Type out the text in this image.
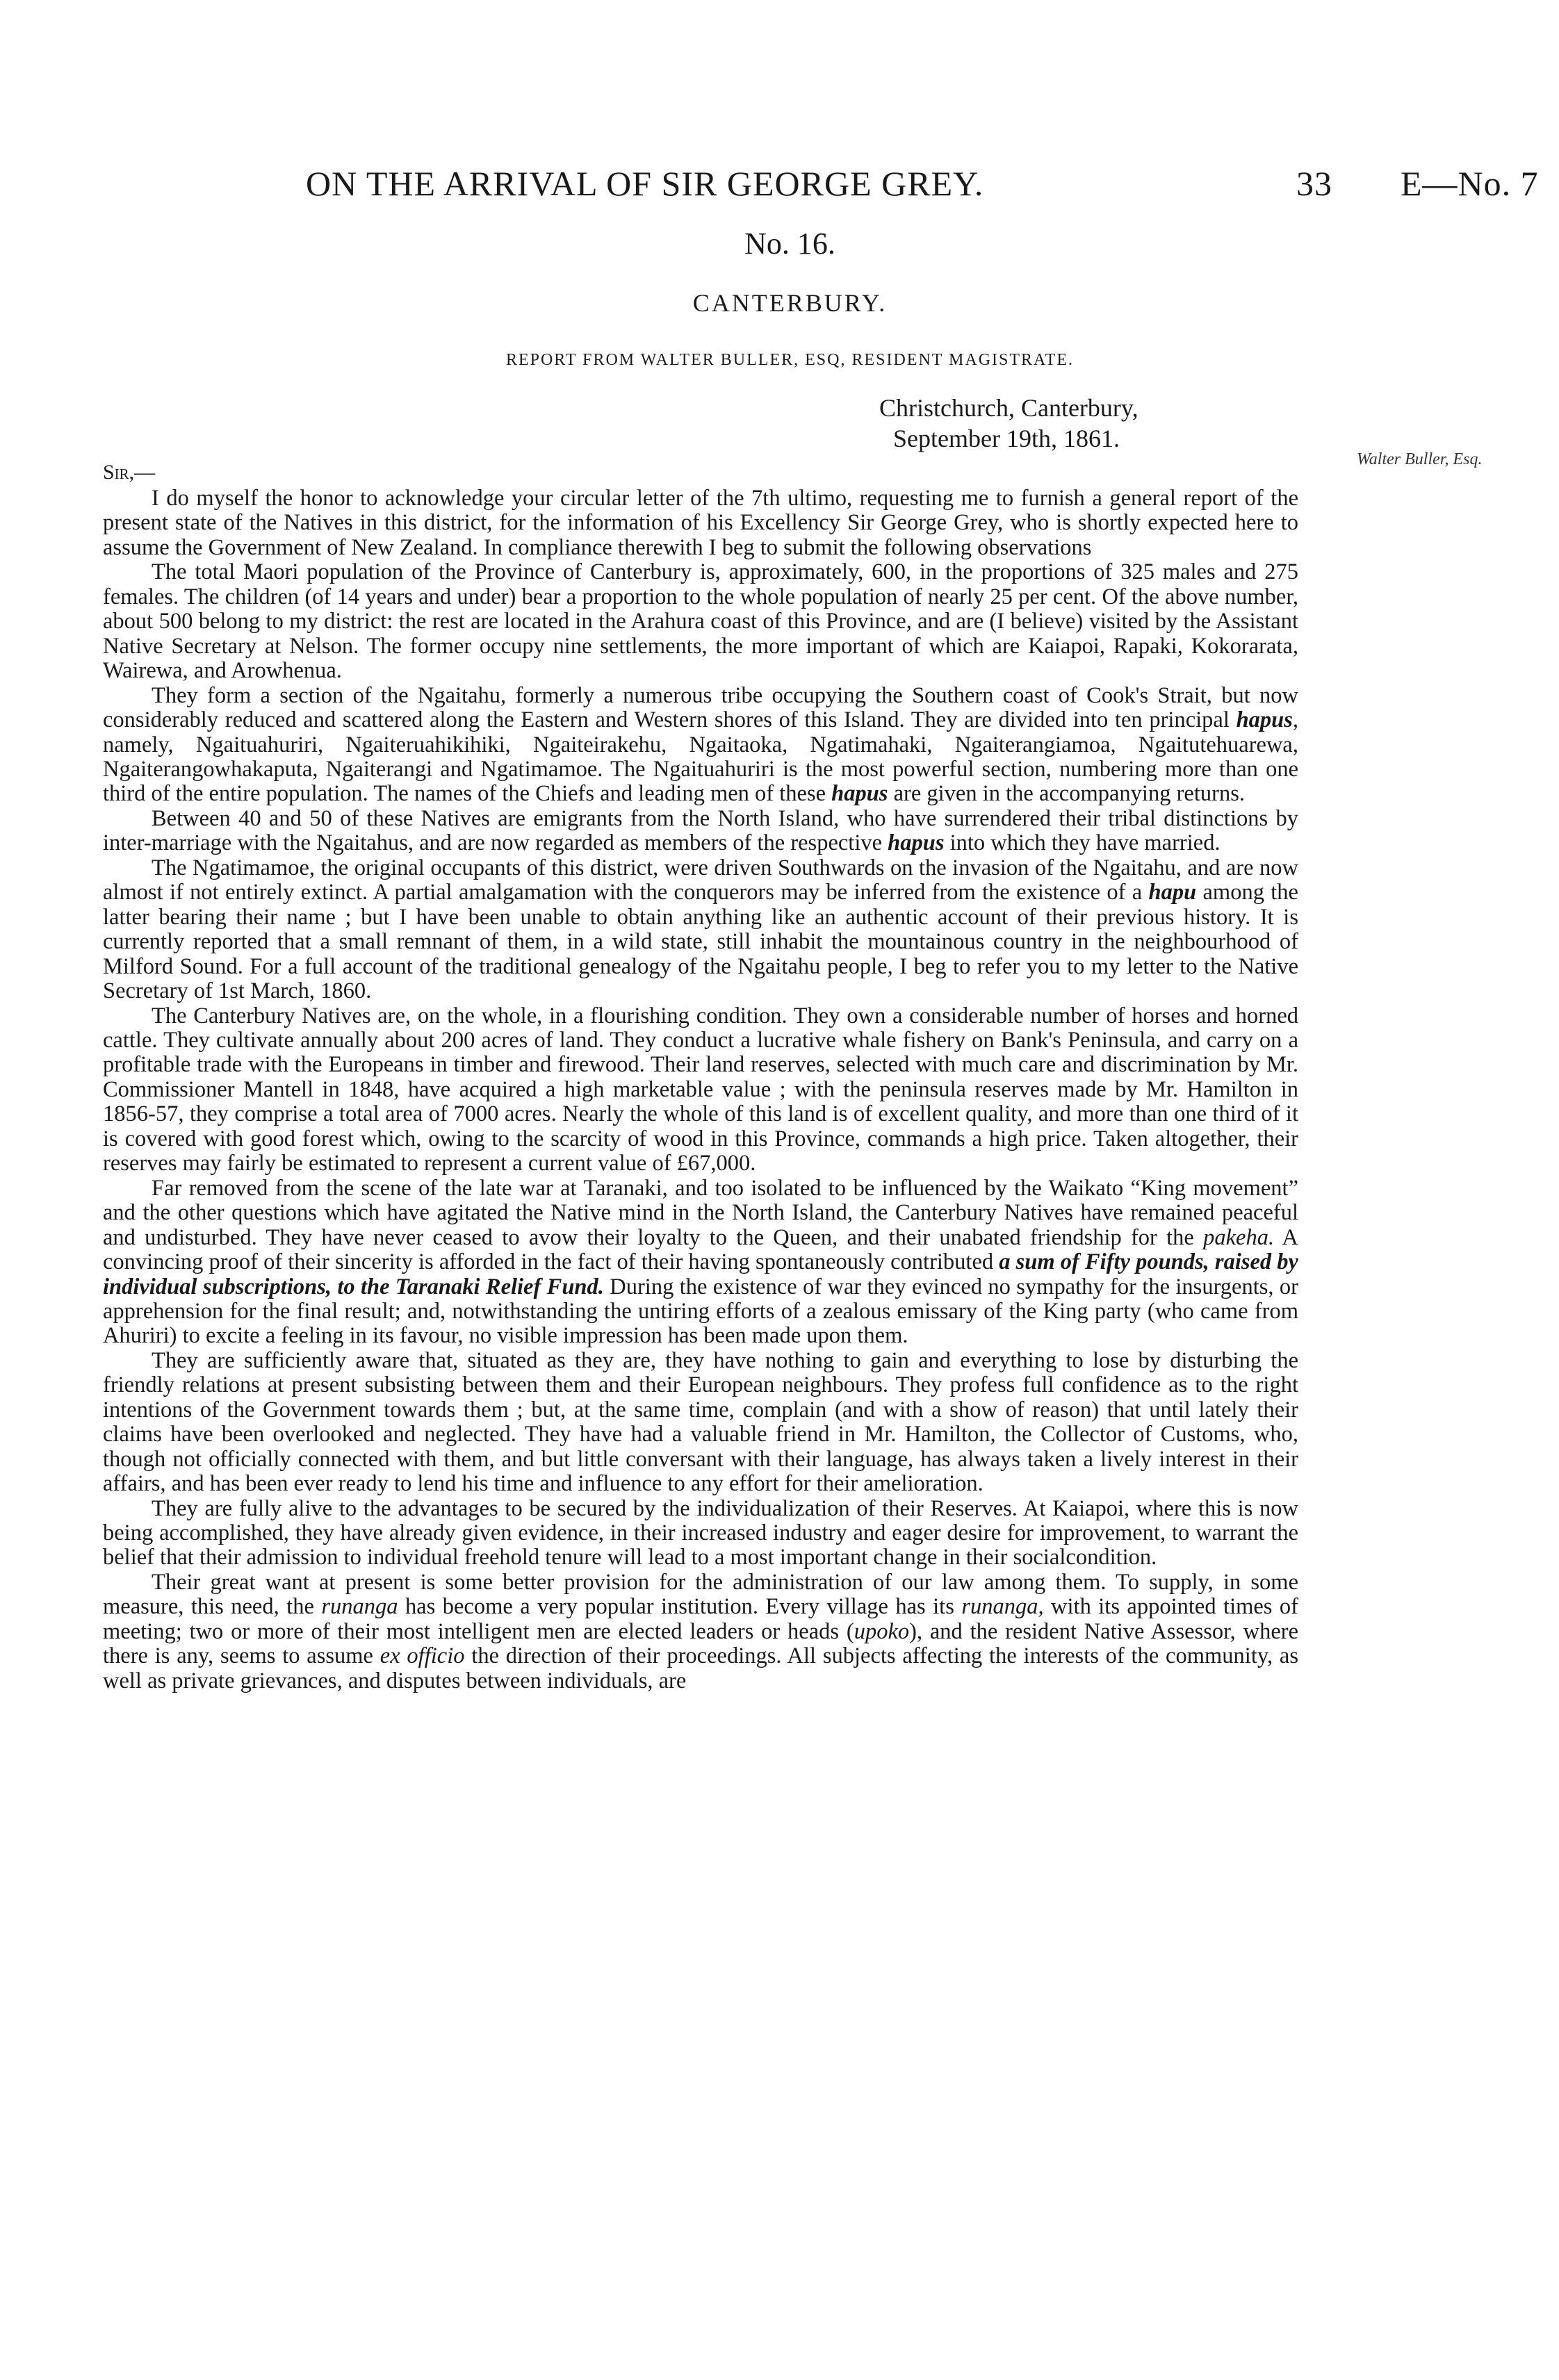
ON THE ARRIVAL OF SIR GEORGE GREY.	33 E—No. 7
No. 16.
CANTERBURY.
REPORT FROM WALTER BULLER, ESQ, RESIDENT MAGISTRATE.
Christchurch, Canterbury,
September 19th, 1861.
Walter Buller, Esq.
Sir,—

I do myself the honor to acknowledge your circular letter of the 7th ultimo, requesting me to furnish a general report of the present state of the Natives in this district, for the information of his Excellency Sir George Grey, who is shortly expected here to assume the Government of New Zealand. In compliance therewith I beg to submit the following observations

The total Maori population of the Province of Canterbury is, approximately, 600, in the proportions of 325 males and 275 females. The children (of 14 years and under) bear a proportion to the whole population of nearly 25 per cent. Of the above number, about 500 belong to my district: the rest are located in the Arahura coast of this Province, and are (I believe) visited by the Assistant Native Secretary at Nelson. The former occupy nine settlements, the more important of which are Kaiapoi, Rapaki, Kokorarata, Wairewa, and Arowhenua.

They form a section of the Ngaitahu, formerly a numerous tribe occupying the Southern coast of Cook's Strait, but now considerably reduced and scattered along the Eastern and Western shores of this Island. They are divided into ten principal hapus, namely, Ngaituahuriri, Ngaiteruahikihiki, Ngaiteirakehu, Ngaitaoka, Ngatimahaki, Ngaiterangiamoa, Ngaitutehuarewa, Ngaiterangowhakaputa, Ngaiterangi and Ngatimamoe. The Ngaituahuriri is the most powerful section, numbering more than one third of the entire population. The names of the Chiefs and leading men of these hapus are given in the accompanying returns.

Between 40 and 50 of these Natives are emigrants from the North Island, who have surrendered their tribal distinctions by inter-marriage with the Ngaitahus, and are now regarded as members of the respective hapus into which they have married.

The Ngatimamoe, the original occupants of this district, were driven Southwards on the invasion of the Ngaitahu, and are now almost if not entirely extinct. A partial amalgamation with the conquerors may be inferred from the existence of a hapu among the latter bearing their name ; but I have been unable to obtain anything like an authentic account of their previous history. It is currently reported that a small remnant of them, in a wild state, still inhabit the mountainous country in the neighbourhood of Milford Sound. For a full account of the traditional genealogy of the Ngaitahu people, I beg to refer you to my letter to the Native Secretary of 1st March, 1860.

The Canterbury Natives are, on the whole, in a flourishing condition. They own a considerable number of horses and horned cattle. They cultivate annually about 200 acres of land. They conduct a lucrative whale fishery on Bank's Peninsula, and carry on a profitable trade with the Europeans in timber and firewood. Their land reserves, selected with much care and discrimination by Mr. Commissioner Mantell in 1848, have acquired a high marketable value ; with the peninsula reserves made by Mr. Hamilton in 1856-57, they comprise a total area of 7000 acres. Nearly the whole of this land is of excellent quality, and more than one third of it is covered with good forest which, owing to the scarcity of wood in this Province, commands a high price. Taken altogether, their reserves may fairly be estimated to represent a current value of £67,000.

Far removed from the scene of the late war at Taranaki, and too isolated to be influenced by the Waikato “King movement” and the other questions which have agitated the Native mind in the North Island, the Canterbury Natives have remained peaceful and undisturbed. They have never ceased to avow their loyalty to the Queen, and their unabated friendship for the pakeha. A convincing proof of their sincerity is afforded in the fact of their having spontaneously contributed a sum of Fifty pounds, raised by individual subscriptions, to the Taranaki Relief Fund. During the existence of war they evinced no sympathy for the insurgents, or apprehension for the final result; and, notwithstanding the untiring efforts of a zealous emissary of the King party (who came from Ahuriri) to excite a feeling in its favour, no visible impression has been made upon them.

They are sufficiently aware that, situated as they are, they have nothing to gain and everything to lose by disturbing the friendly relations at present subsisting between them and their European neighbours. They profess full confidence as to the right intentions of the Government towards them ; but, at the same time, complain (and with a show of reason) that until lately their claims have been overlooked and neglected. They have had a valuable friend in Mr. Hamilton, the Collector of Customs, who, though not officially connected with them, and but little conversant with their language, has always taken a lively interest in their affairs, and has been ever ready to lend his time and influence to any effort for their amelioration.

They are fully alive to the advantages to be secured by the individualization of their Reserves. At Kaiapoi, where this is now being accomplished, they have already given evidence, in their increased industry and eager desire for improvement, to warrant the belief that their admission to individual freehold tenure will lead to a most important change in their socialcondition.

Their great want at present is some better provision for the administration of our law among them. To supply, in some measure, this need, the runanga has become a very popular institution. Every village has its runanga, with its appointed times of meeting; two or more of their most intelligent men are elected leaders or heads (upoko), and the resident Native Assessor, where there is any, seems to assume ex officio the direction of their proceedings. All subjects affecting the interests of the community, as well as private grievances, and disputes between individuals, are
